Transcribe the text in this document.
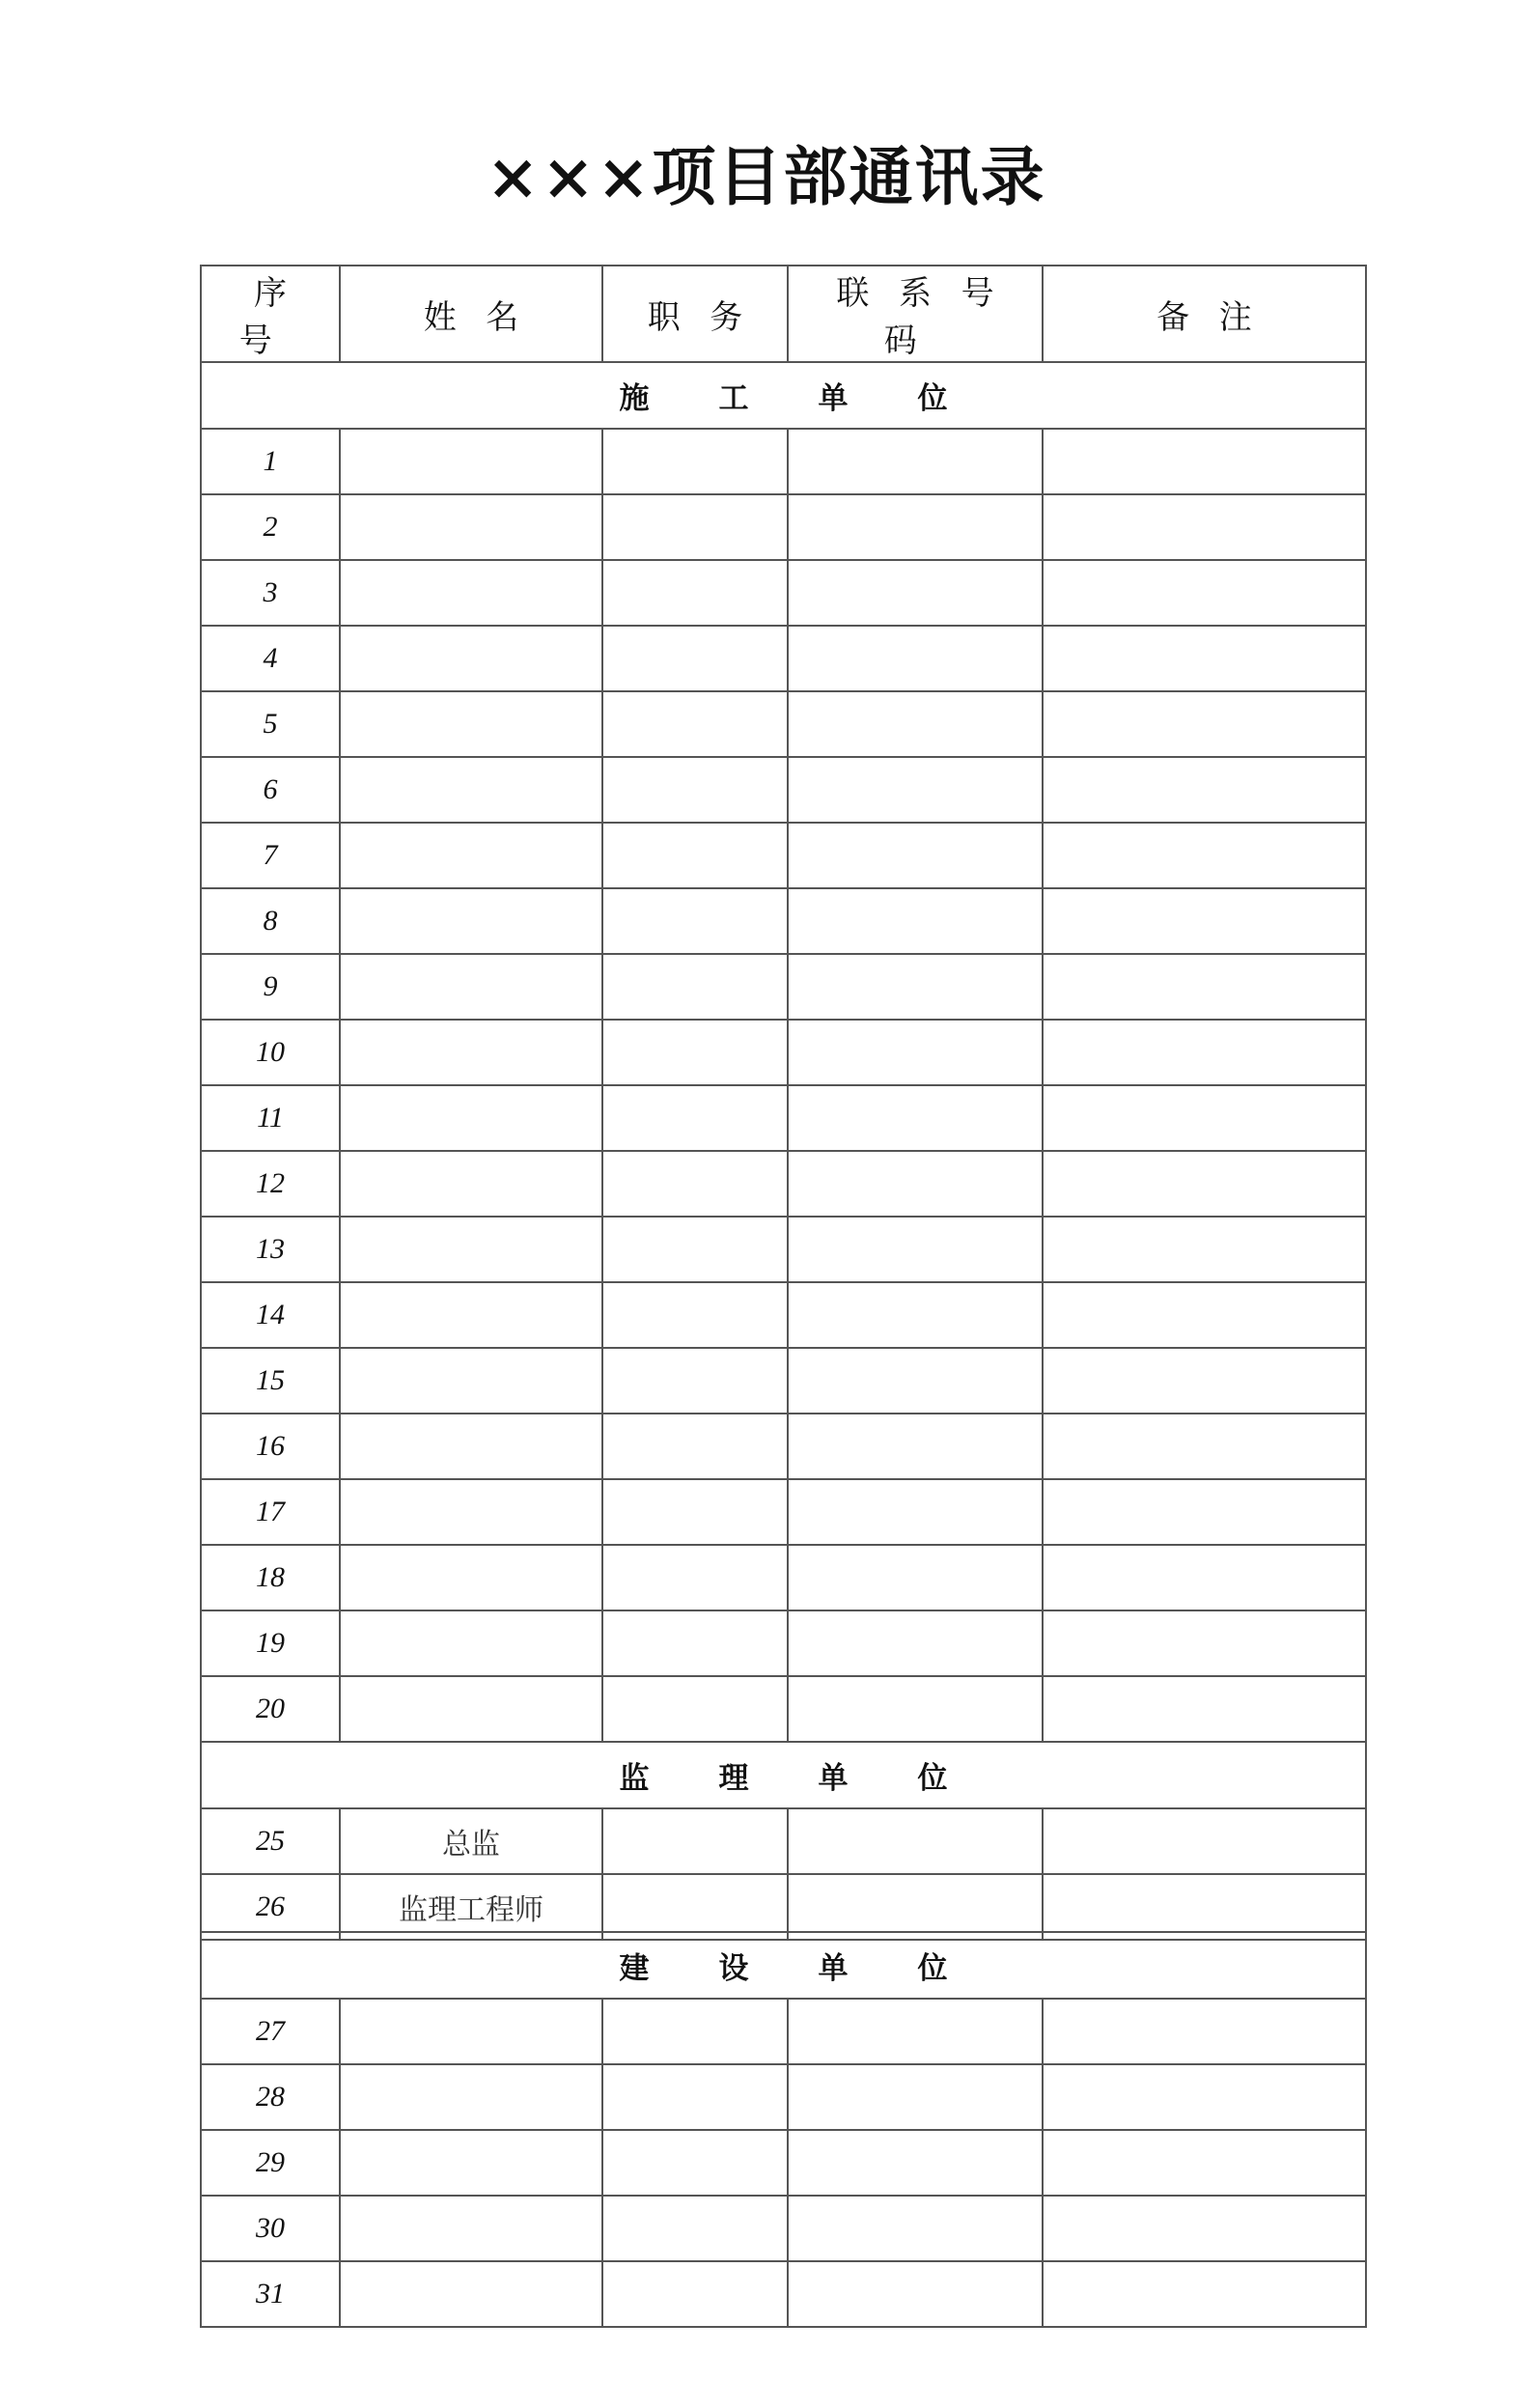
×××项目部通讯录
序号	姓名	职务	联系号码	备注
施 工 单 位				
1				
2				
3				
4				
5				
6				
7				
8				
9				
10				
11				
12				
13				
14				
15				
16				
17				
18				
19				
20				
监 理 单 位				
25	总监			
26	监理工程师			
建 设 单 位				
27				
28				
29				
30				
31				
